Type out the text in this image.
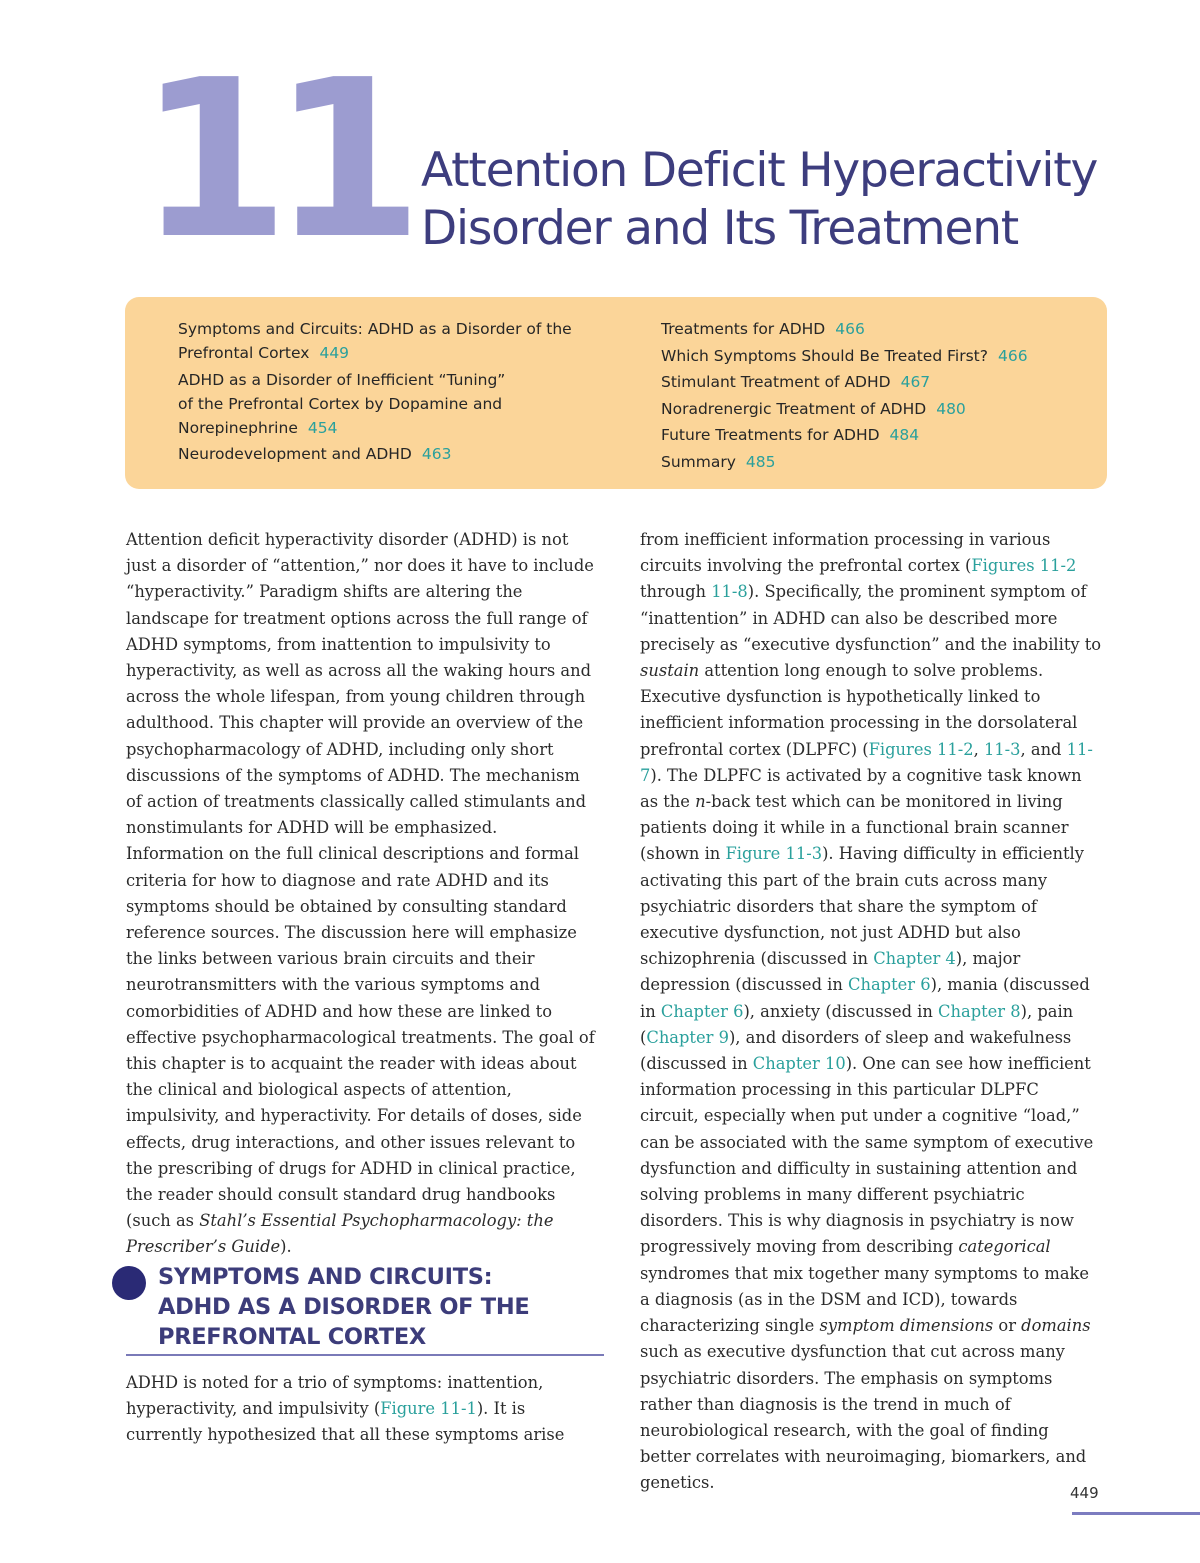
11 Attention Deficit Hyperactivity
Disorder and Its Treatment
Symptoms and Circuits: ADHD as a Disorder of the
Prefrontal Cortex 449
ADHD as a Disorder of Inefficient “Tuning”
of the Prefrontal Cortex by Dopamine and
Norepinephrine 454
Neurodevelopment and ADHD 463
Treatments for ADHD 466
Which Symptoms Should Be Treated First? 466
Stimulant Treatment of ADHD 467
Noradrenergic Treatment of ADHD 480
Future Treatments for ADHD 484
Summary 485

Attention deficit hyperactivity disorder (ADHD) is not just a disorder of “attention,” nor does it have to include “hyperactivity.” Paradigm shifts are altering the landscape for treatment options across the full range of ADHD symptoms, from inattention to impulsivity to hyperactivity, as well as across all the waking hours and across the whole lifespan, from young children through adulthood. This chapter will provide an overview of the psychopharmacology of ADHD, including only short discussions of the symptoms of ADHD. The mechanism of action of treatments classically called stimulants and nonstimulants for ADHD will be emphasized. Information on the full clinical descriptions and formal criteria for how to diagnose and rate ADHD and its symptoms should be obtained by consulting standard reference sources. The discussion here will emphasize the links between various brain circuits and their neurotransmitters with the various symptoms and comorbidities of ADHD and how these are linked to effective psychopharmacological treatments. The goal of this chapter is to acquaint the reader with ideas about the clinical and biological aspects of attention, impulsivity, and hyperactivity. For details of doses, side effects, drug interactions, and other issues relevant to the prescribing of drugs for ADHD in clinical practice, the reader should consult standard drug handbooks (such as Stahl’s Essential Psychopharmacology: the Prescriber’s Guide).

SYMPTOMS AND CIRCUITS:
ADHD AS A DISORDER OF THE
PREFRONTAL CORTEX

ADHD is noted for a trio of symptoms: inattention, hyperactivity, and impulsivity (Figure 11-1). It is currently hypothesized that all these symptoms arise

from inefficient information processing in various circuits involving the prefrontal cortex (Figures 11-2 through 11-8). Specifically, the prominent symptom of “inattention” in ADHD can also be described more precisely as “executive dysfunction” and the inability to sustain attention long enough to solve problems. Executive dysfunction is hypothetically linked to inefficient information processing in the dorsolateral prefrontal cortex (DLPFC) (Figures 11-2, 11-3, and 11-7). The DLPFC is activated by a cognitive task known as the n-back test which can be monitored in living patients doing it while in a functional brain scanner (shown in Figure 11-3). Having difficulty in efficiently activating this part of the brain cuts across many psychiatric disorders that share the symptom of executive dysfunction, not just ADHD but also schizophrenia (discussed in Chapter 4), major depression (discussed in Chapter 6), mania (discussed in Chapter 6), anxiety (discussed in Chapter 8), pain (Chapter 9), and disorders of sleep and wakefulness (discussed in Chapter 10). One can see how inefficient information processing in this particular DLPFC circuit, especially when put under a cognitive “load,” can be associated with the same symptom of executive dysfunction and difficulty in sustaining attention and solving problems in many different psychiatric disorders. This is why diagnosis in psychiatry is now progressively moving from describing categorical syndromes that mix together many symptoms to make a diagnosis (as in the DSM and ICD), towards characterizing single symptom dimensions or domains such as executive dysfunction that cut across many psychiatric disorders. The emphasis on symptoms rather than diagnosis is the trend in much of neurobiological research, with the goal of finding better correlates with neuroimaging, biomarkers, and genetics.

449
